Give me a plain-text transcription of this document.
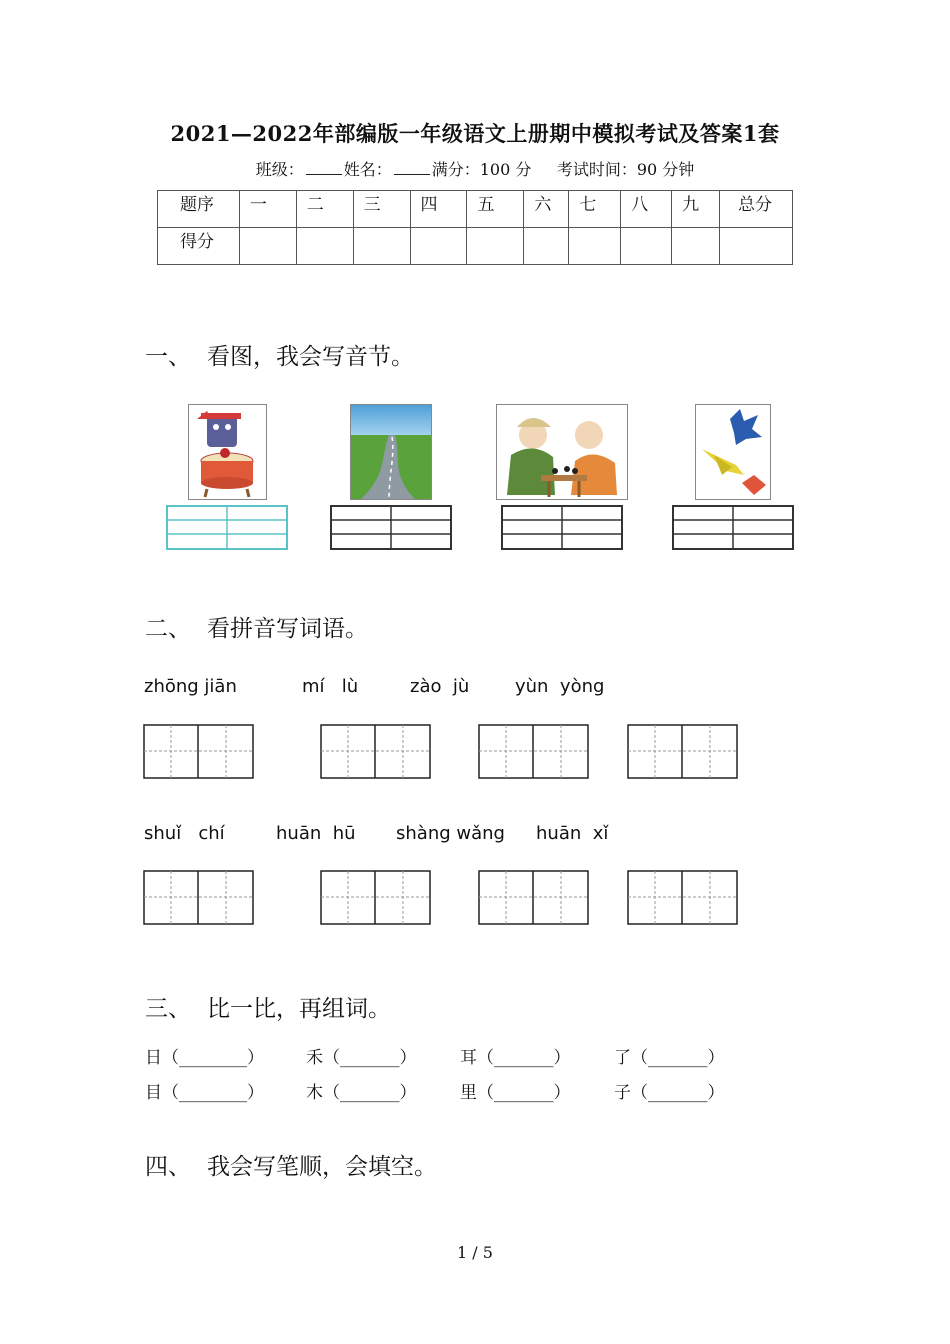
2021—2022年部编版一年级语文上册期中模拟考试及答案1套
班级：	姓名：	满分：100 分 考试时间：90 分钟
题序	一	二	三	四	五	六	七	八	九	总分
得分										
一、 看图，我会写音节。
二、 看拼音写词语。
zhōng jiān	mí   lù	zào  jù	yùn  yòng
shuǐ   chí	huān  hū shàng wǎng huān  xǐ
三、 比一比，再组词。
日（________） 禾（_______）	耳（_______）	了（_______）
目（________） 木（_______）	里（_______）	子（_______）
四、 我会写笔顺，会填空。
1 / 5
